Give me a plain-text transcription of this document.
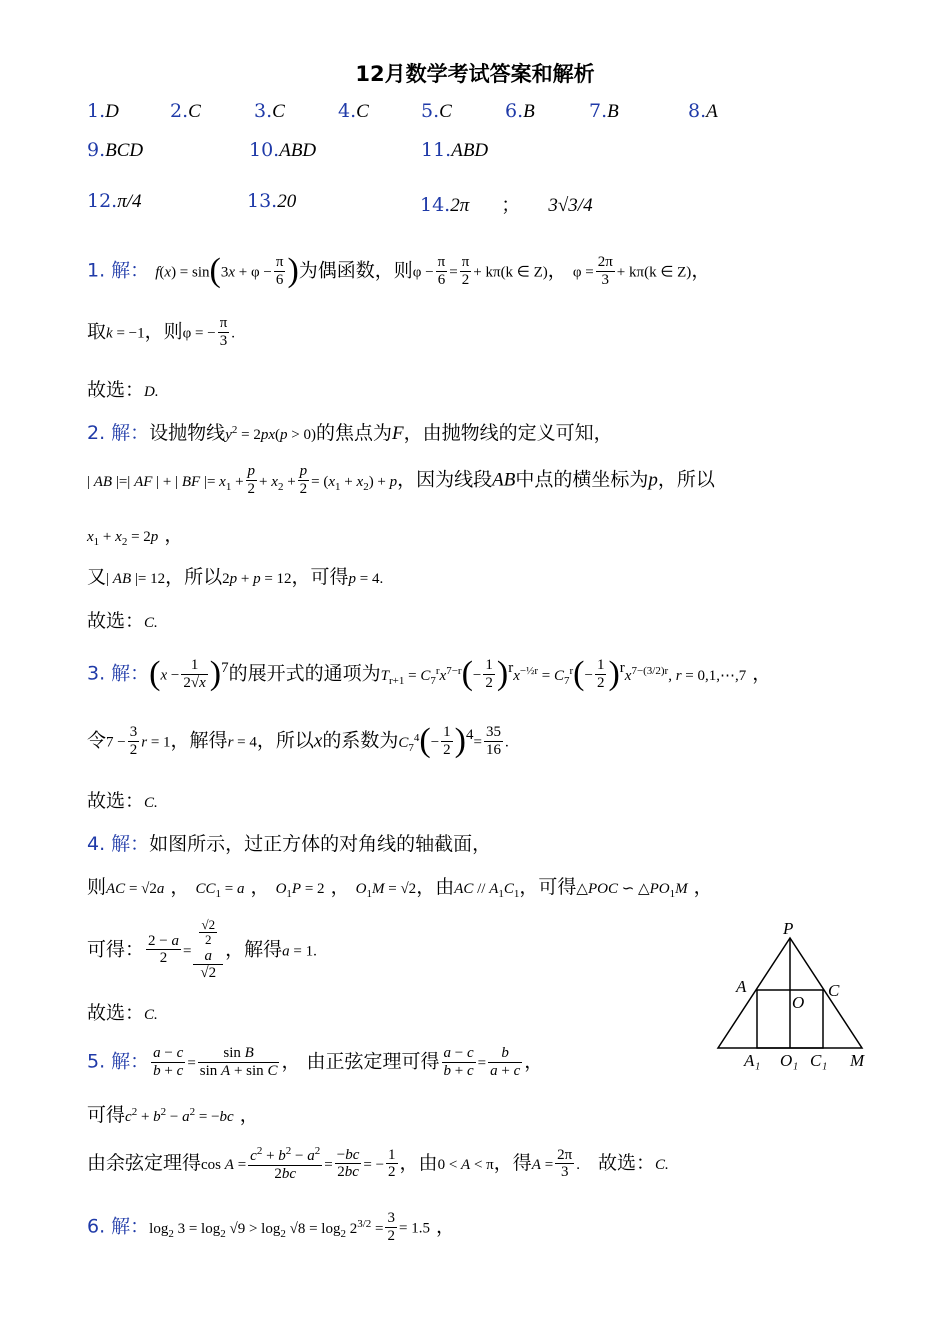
12月数学考试答案和解析
1.D	2.C	3.C	4.C	5.C	6.B	7.B	8.A
9.BCD	10.ABD	11.ABD
12.π/4	13.20	14.2π ； 3√3/4
1. 解： $f(x) = \sin(3x + \varphi - \frac{\pi}{6}$ )为偶函数，则$\varphi - \frac{\pi}{6} = \frac{\pi}{2} + k\pi(k$ ∈ Z)， $\varphi = \frac{2\pi}{3} + k\pi(k$ ∈ Z)，
取k = −1，则φ = − $\frac{\pi}{3}$ .
故选：D.
2. 解：设抛物线$y^2 = 2px(p > 0)$的焦点为F，由抛物线的定义可知，
| AB |=| AF | + | BF |= $x_1 + \frac{p}{2} + x_2 + \frac{p}{2} = (x_1 + x_2) + p$，因为线段AB中点的横坐标为p，所以
$x_1 + x_2 = 2p$ ，
又| AB |= 12，所以2p + p = 12，可得p = 4.
故选：C.
3. 解：$(x - \frac{1}{2√x} )^7$的展开式的通项为$T_{r+1} = C_7^rx^{7-r}(- \frac{1}{2} )^rx^{-\frac{1}{2}r} = C_7^r(- \frac{1}{2} )^rx^{7-(3/2)r}$, r = 0,1,⋯,7 ，
令$7 - \frac{3}{2}$ r = 1，解得r = 4，所以x的系数为$C_7^4(- \frac{1}{2} )^4= \frac{35}{16}$ .
故选：C.
4. 解：如图所示，过正方体的对角线的轴截面，
则AC = √2a ， $CC_1 = a$ ， $O_1P = 2$ ， $O_1M = √2$，由AC // $A_1C_1$，可得△POC ∽ $\triangle PO_1M$ ，
可得： $\frac{2 - a}{2} = √2$
2
a
√2 ，解得a = 1.
故选：C.
5. 解： $\frac{a - c}{b + c} = \frac{\text{sin B}}{\text{sin A + sin C}}$ ， 由正弦定理可得 $\frac{a - c}{b + c} = \frac{b}{a + c}$ ，
可得$c^2 + b^2 - a^2 = -bc$ ，
由余弦定理得$\cos A = \frac{c^2 + b^2 - a^2}{2bc} = \frac{-bc}{2bc}$ = − $\frac{1}{2}$ ，由0 < A < π，得$A = \frac{2\pi}{3}$ . 故选：C.
6. 解：$\log_2 3 = \log_2 √9 > \log_2 √8 = \log_2 2^{3/2} = \frac{3}{2} = 1.5$ ，
P
A	C
O
A₁ O₁ C₁ M
